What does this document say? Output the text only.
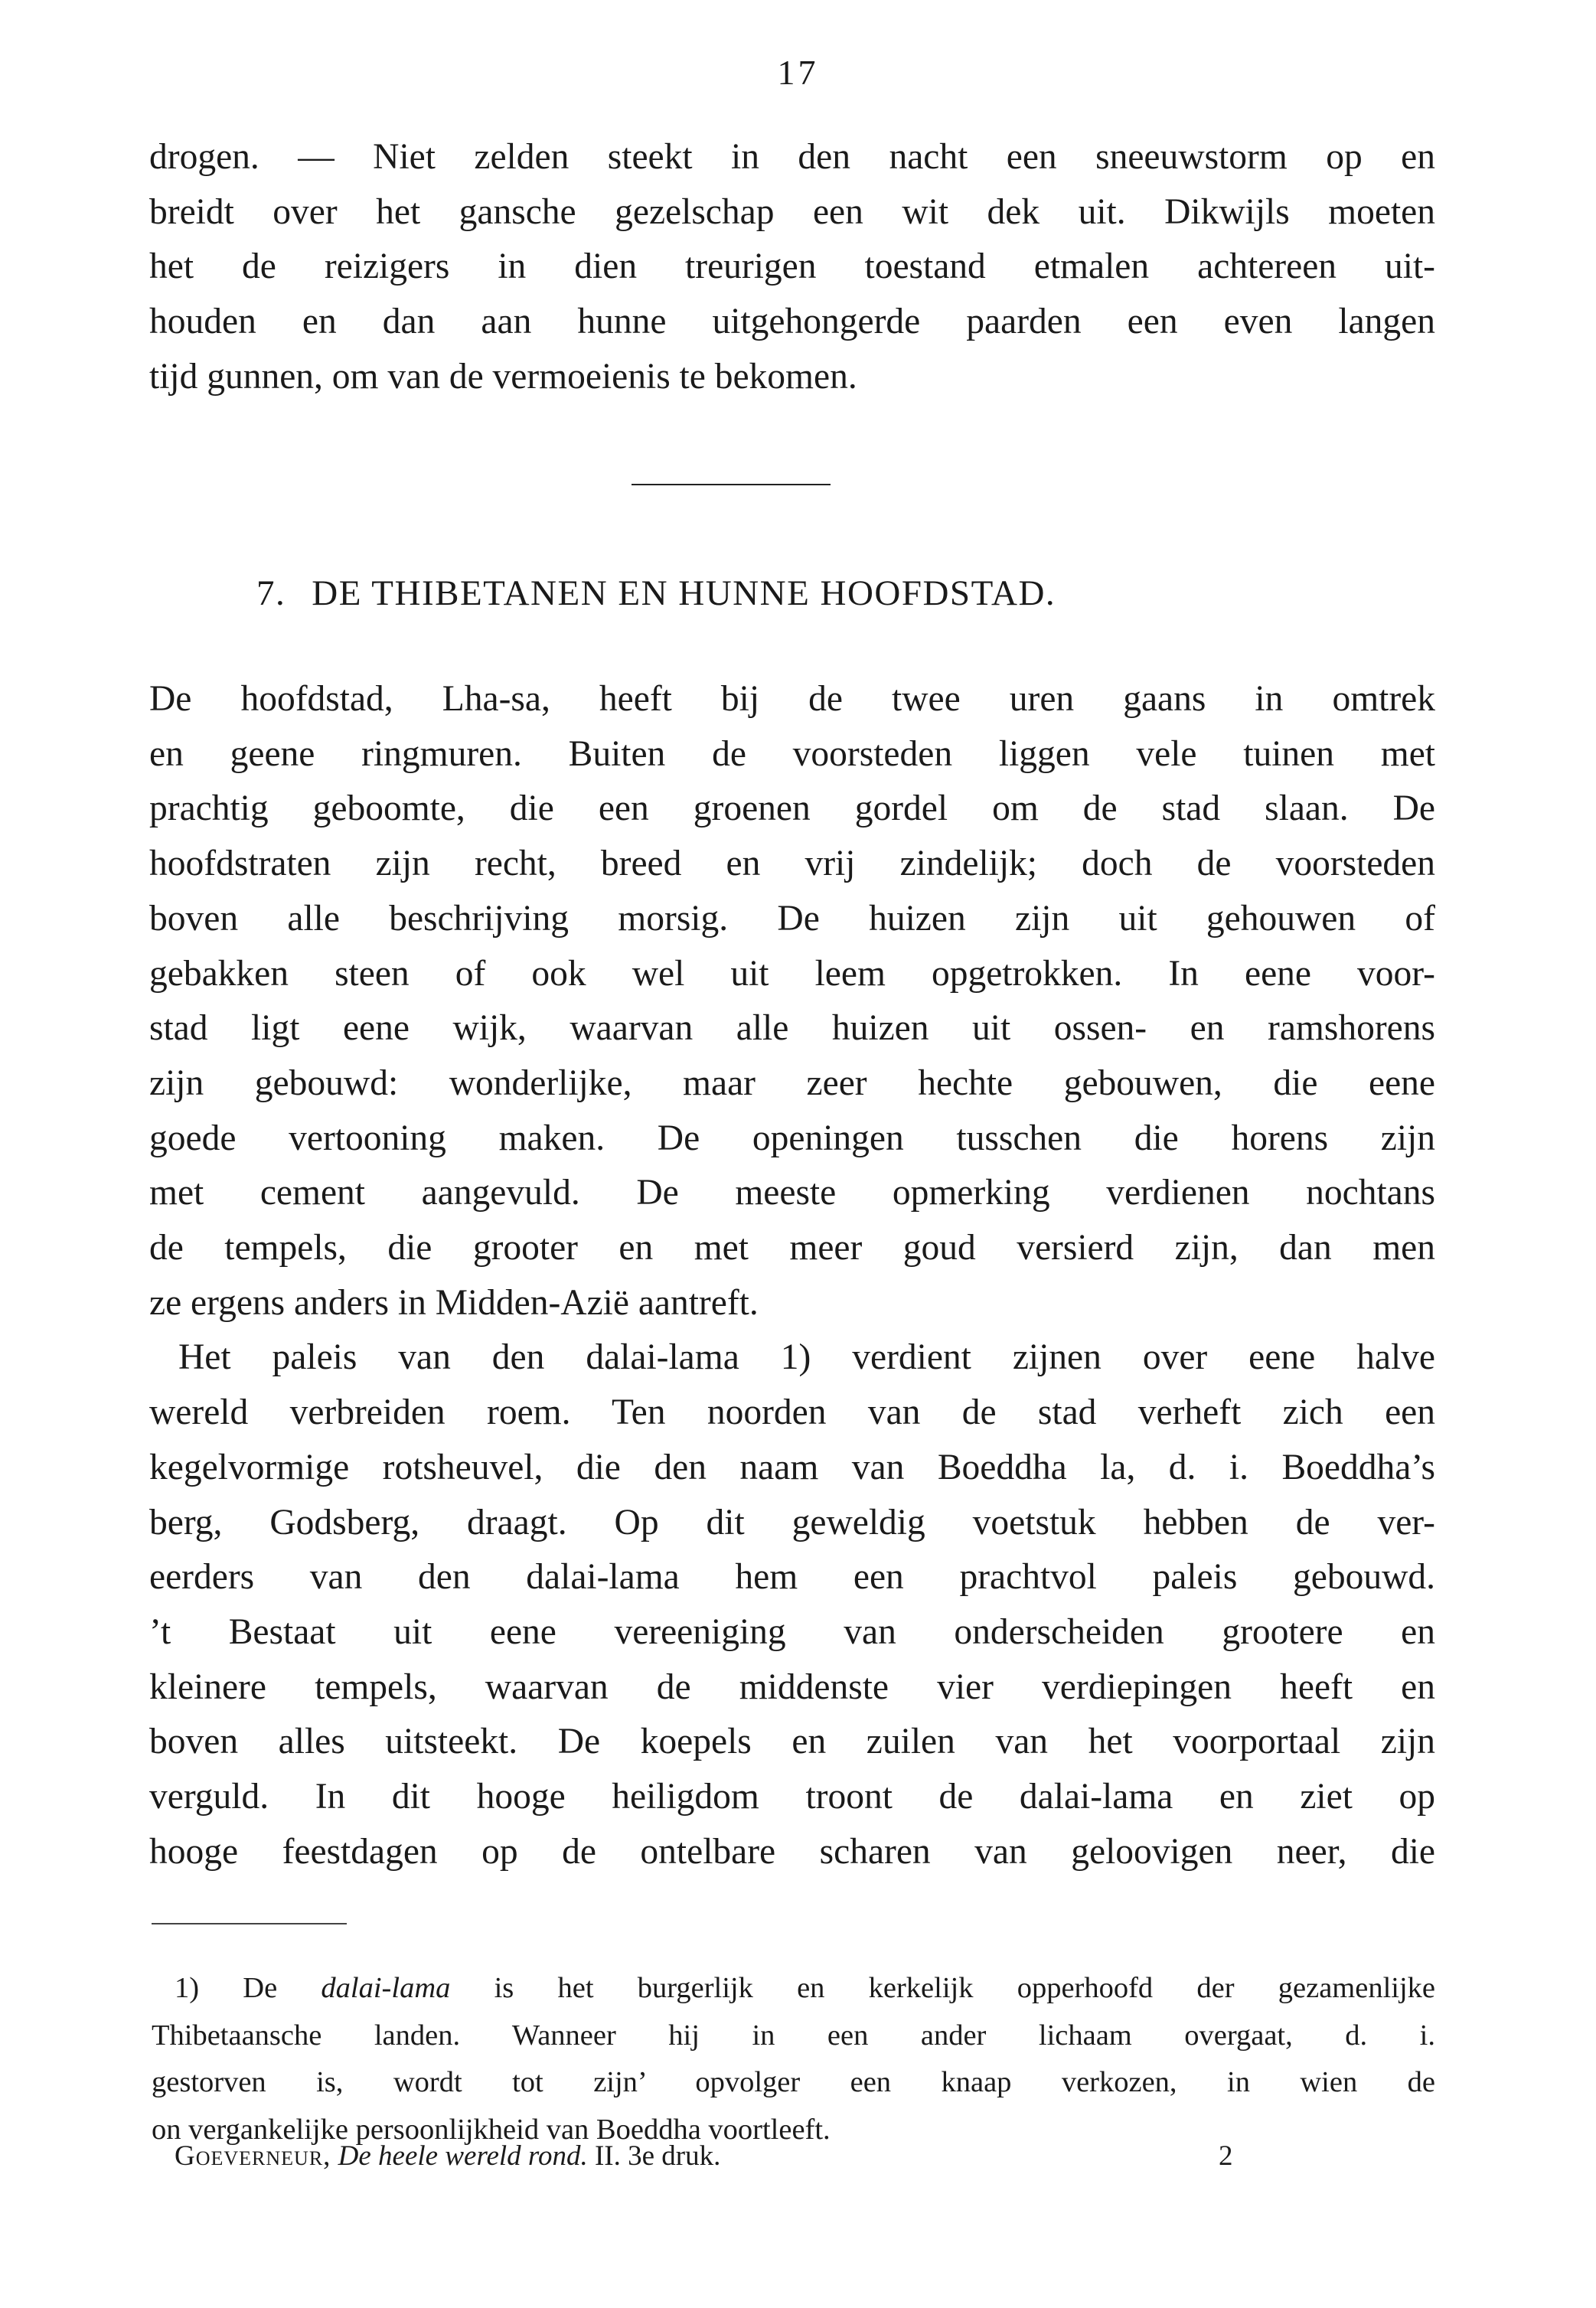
17
drogen. — Niet zelden steekt in den nacht een sneeuwstorm op en
breidt over het gansche gezelschap een wit dek uit. Dikwijls moeten
het de reizigers in dien treurigen toestand etmalen achtereen uit-
houden en dan aan hunne uitgehongerde paarden een even langen
tijd gunnen, om van de vermoeienis te bekomen.
7. DE THIBETANEN EN HUNNE HOOFDSTAD.
De hoofdstad, Lha-sa, heeft bij de twee uren gaans in omtrek
en geene ringmuren. Buiten de voorsteden liggen vele tuinen met
prachtig geboomte, die een groenen gordel om de stad slaan. De
hoofdstraten zijn recht, breed en vrij zindelijk; doch de voorsteden
boven alle beschrijving morsig. De huizen zijn uit gehouwen of
gebakken steen of ook wel uit leem opgetrokken. In eene voor-
stad ligt eene wijk, waarvan alle huizen uit ossen- en ramshorens
zijn gebouwd: wonderlijke, maar zeer hechte gebouwen, die eene
goede vertooning maken. De openingen tusschen die horens zijn
met cement aangevuld. De meeste opmerking verdienen nochtans
de tempels, die grooter en met meer goud versierd zijn, dan men
ze ergens anders in Midden-Azië aantreft.
Het paleis van den dalai-lama 1) verdient zijnen over eene halve
wereld verbreiden roem. Ten noorden van de stad verheft zich een
kegelvormige rotsheuvel, die den naam van Boeddha la, d. i. Boeddha’s
berg, Godsberg, draagt. Op dit geweldig voetstuk hebben de ver-
eerders van den dalai-lama hem een prachtvol paleis gebouwd.
’t Bestaat uit eene vereeniging van onderscheiden grootere en
kleinere tempels, waarvan de middenste vier verdiepingen heeft en
boven alles uitsteekt. De koepels en zuilen van het voorportaal zijn
verguld. In dit hooge heiligdom troont de dalai-lama en ziet op
hooge feestdagen op de ontelbare scharen van geloovigen neer, die
1) De dalai-lama is het burgerlijk en kerkelijk opperhoofd der gezamenlijke
Thibetaansche landen. Wanneer hij in een ander lichaam overgaat, d. i.
gestorven is, wordt tot zijn’ opvolger een knaap verkozen, in wien de
on vergankelijke persoonlijkheid van Boeddha voortleeft.
Goeverneur, De heele wereld rond. II. 3e druk.	2
